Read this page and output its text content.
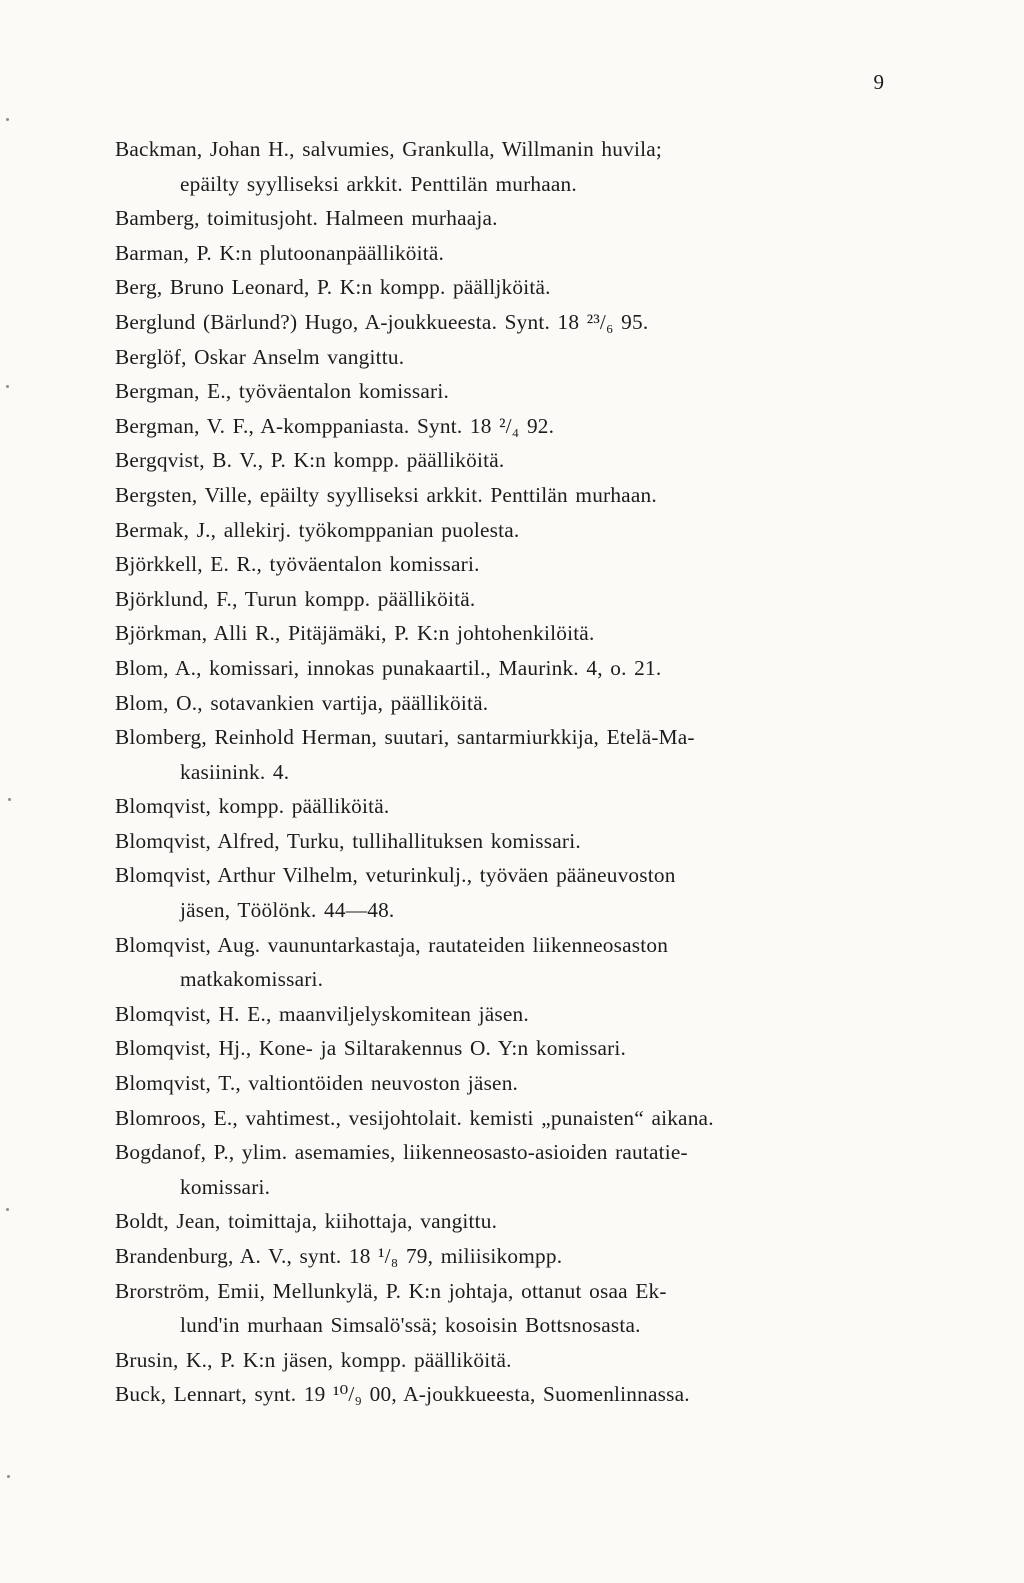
9
Backman, Johan H., salvumies, Grankulla, Willmanin huvila;
epäilty syylliseksi arkkit. Penttilän murhaan.
Bamberg, toimitusjoht. Halmeen murhaaja.
Barman, P. K:n plutoonanpäälliköitä.
Berg, Bruno Leonard, P. K:n kompp. päälljköitä.
Berglund (Bärlund?) Hugo, A-joukkueesta. Synt. 18 ²³/₆ 95.
Berglöf, Oskar Anselm vangittu.
Bergman, E., työväentalon komissari.
Bergman, V. F., A-komppaniasta. Synt. 18 ²/₄ 92.
Bergqvist, B. V., P. K:n kompp. päälliköitä.
Bergsten, Ville, epäilty syylliseksi arkkit. Penttilän murhaan.
Bermak, J., allekirj. työkomppanian puolesta.
Björkkell, E. R., työväentalon komissari.
Björklund, F., Turun kompp. päälliköitä.
Björkman, Alli R., Pitäjämäki, P. K:n johtohenkilöitä.
Blom, A., komissari, innokas punakaartil., Maurink. 4, o. 21.
Blom, O., sotavankien vartija, päälliköitä.
Blomberg, Reinhold Herman, suutari, santarmiurkkija, Etelä-Ma-
kasiinink. 4.
Blomqvist, kompp. päälliköitä.
Blomqvist, Alfred, Turku, tullihallituksen komissari.
Blomqvist, Arthur Vilhelm, veturinkulj., työväen pääneuvoston
jäsen, Töölönk. 44—48.
Blomqvist, Aug. vaununtarkastaja, rautateiden liikenneosaston
matkakomissari.
Blomqvist, H. E., maanviljelyskomitean jäsen.
Blomqvist, Hj., Kone- ja Siltarakennus O. Y:n komissari.
Blomqvist, T., valtiontöiden neuvoston jäsen.
Blomroos, E., vahtimest., vesijohtolait. kemisti „punaisten“ aikana.
Bogdanof, P., ylim. asemamies, liikenneosasto-asioiden rautatie-
komissari.
Boldt, Jean, toimittaja, kiihottaja, vangittu.
Brandenburg, A. V., synt. 18 ¹/₈ 79, miliisikompp.
Brorström, Emii, Mellunkylä, P. K:n johtaja, ottanut osaa Ek-
lund'in murhaan Simsalö'ssä; kosoisin Bottsnosasta.
Brusin, K., P. K:n jäsen, kompp. päälliköitä.
Buck, Lennart, synt. 19 ¹⁰/₉ 00, A-joukkueesta, Suomenlinnassa.
